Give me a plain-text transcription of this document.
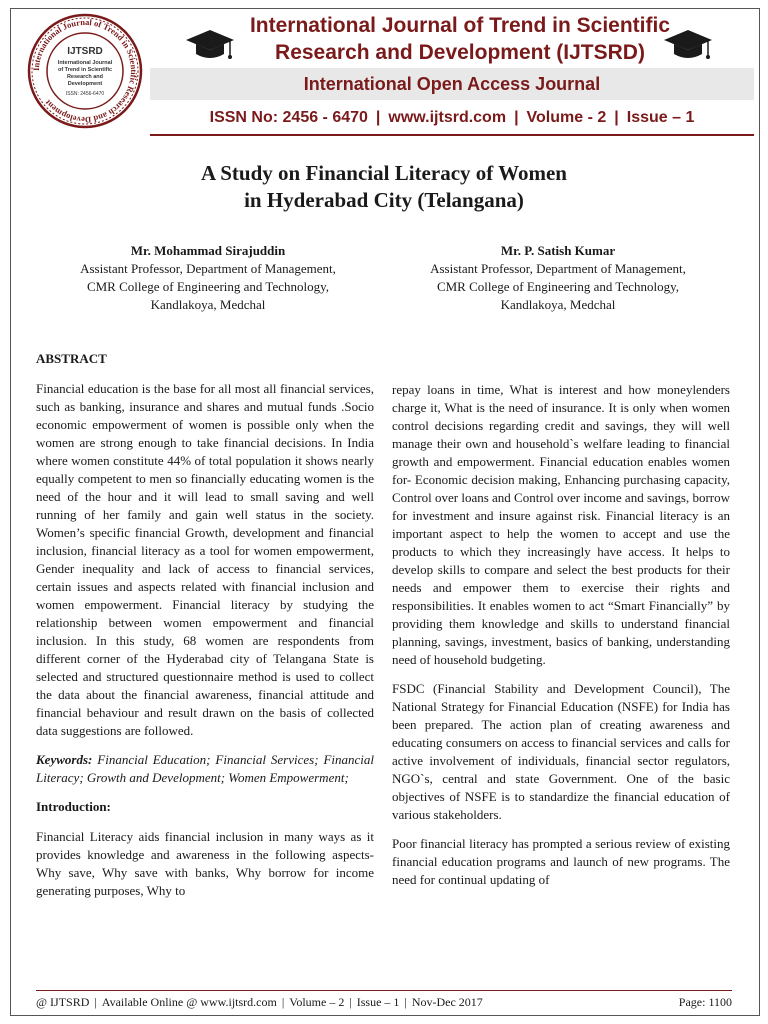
International Journal of Trend in Scientific Research and Development
IJTSRD
International Journal
of Trend in Scientific
Research and
Development
ISSN: 2456-6470
International Journal of Trend in Scientific
Research and Development (IJTSRD)
International Open Access Journal
ISSN No: 2456 - 6470 | www.ijtsrd.com | Volume - 2 | Issue – 1
A Study on Financial Literacy of Women
in Hyderabad City (Telangana)
Mr. Mohammad Sirajuddin
Assistant Professor, Department of Management,
CMR College of Engineering and Technology,
Kandlakoya, Medchal
Mr. P. Satish Kumar
Assistant Professor, Department of Management,
CMR College of Engineering and Technology,
Kandlakoya, Medchal
ABSTRACT

Financial education is the base for all most all financial services, such as banking, insurance and shares and mutual funds .Socio economic empowerment of women is possible only when the women are strong enough to take financial decisions. In India where women constitute 44% of total population it shows nearly equally competent to men so financially educating women is the need of the hour and it will lead to small saving and well running of her family and gain well status in the society. Women’s specific financial Growth, development and financial inclusion, financial literacy as a tool for women empowerment, Gender inequality and lack of access to financial services, certain issues and aspects related with financial inclusion and women empowerment. Financial literacy by studying the relationship between women empowerment and financial inclusion. In this study, 68 women are respondents from different corner of the Hyderabad city of Telangana State is selected and structured questionnaire method is used to collect the data about the financial awareness, financial attitude and financial behaviour and result drawn on the basis of collected data suggestions are followed.

Keywords: Financial Education; Financial Services; Financial Literacy; Growth and Development; Women Empowerment;

Introduction:

Financial Literacy aids financial inclusion in many ways as it provides knowledge and awareness in the following aspects- Why save, Why save with banks, Why borrow for income generating purposes, Why to

repay loans in time, What is interest and how moneylenders charge it, What is the need of insurance. It is only when women control decisions regarding credit and savings, they will well manage their own and household`s welfare leading to financial growth and empowerment. Financial education enables women for- Economic decision making, Enhancing purchasing capacity, Control over loans and Control over income and savings, borrow for investment and insure against risk. Financial literacy is an important aspect to help the women to accept and use the products to which they increasingly have access. It helps to develop skills to compare and select the best products for their needs and empower them to exercise their rights and responsibilities. It enables women to act “Smart Financially” by providing them knowledge and skills to understand financial planning, savings, investment, basics of banking, understanding need of household budgeting.

FSDC (Financial Stability and Development Council), The National Strategy for Financial Education (NSFE) for India has been prepared. The action plan of creating awareness and educating consumers on access to financial services and calls for active involvement of individuals, financial sector regulators, NGO`s, central and state Government. One of the basic objectives of NSFE is to standardize the financial education of various stakeholders.

Poor financial literacy has prompted a serious review of existing financial education programs and launch of new programs. The need for continual updating of

@ IJTSRD | Available Online @ www.ijtsrd.com | Volume – 2 | Issue – 1 | Nov-Dec 2017	Page: 1100
